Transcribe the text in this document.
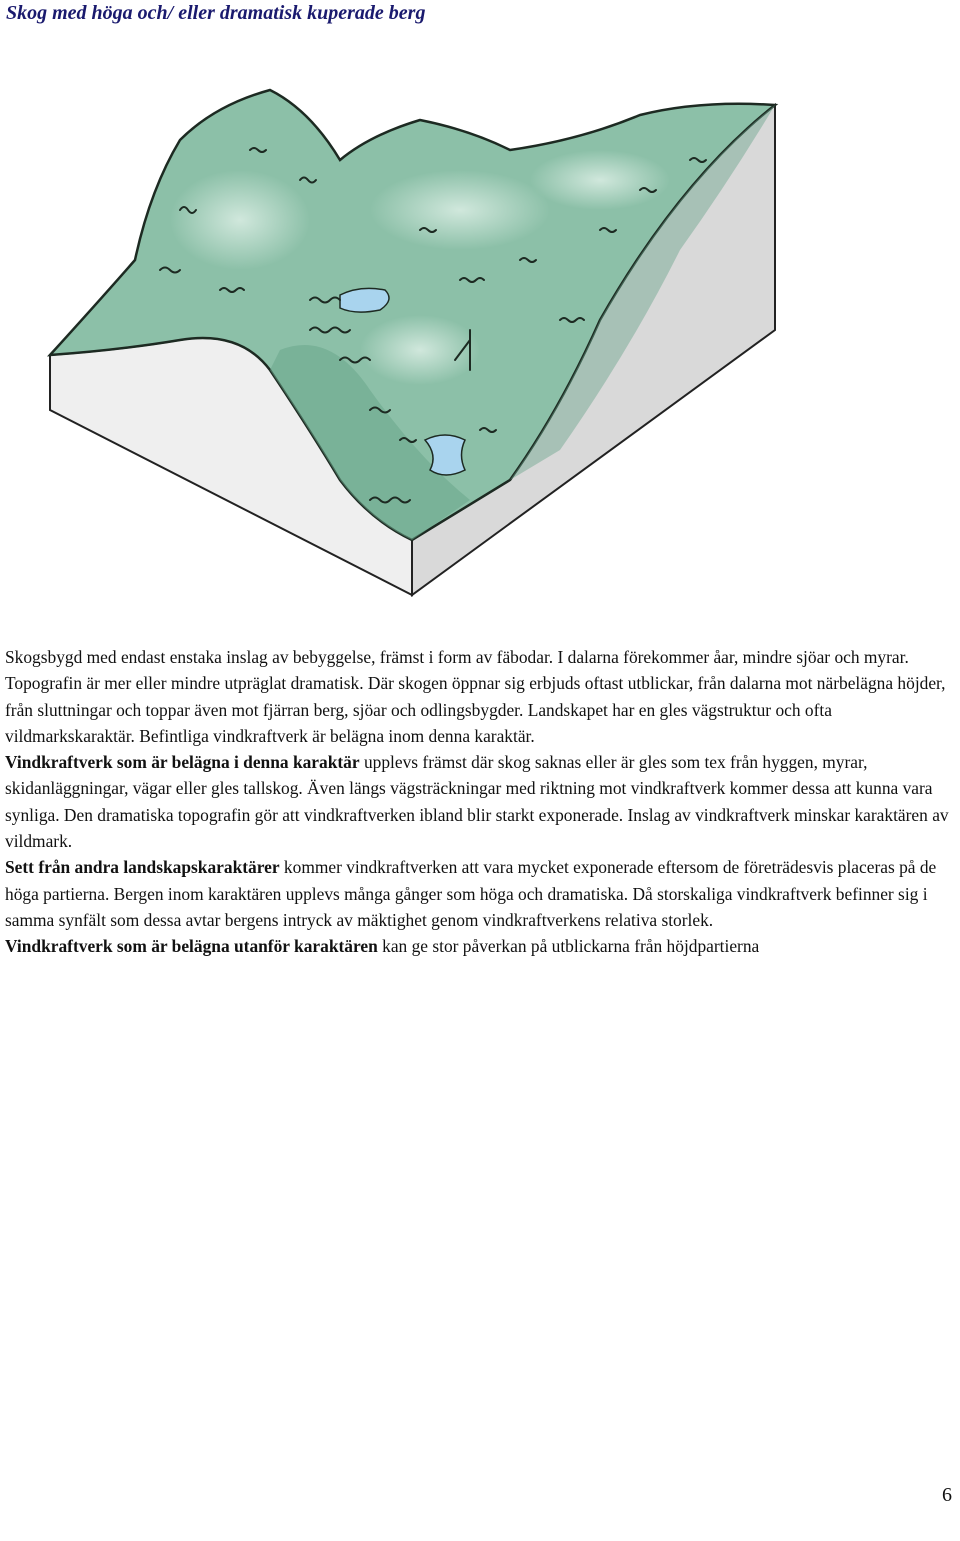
Skog med höga och/ eller dramatisk kuperade berg

Skogsbygd med endast enstaka inslag av bebyggelse, främst i form av fäbodar. I dalarna förekommer åar, mindre sjöar och myrar. Topografin är mer eller mindre utpräglat dramatisk. Där skogen öppnar sig erbjuds oftast utblickar, från dalarna mot närbelägna höjder, från sluttningar och toppar även mot fjärran berg, sjöar och odlingsbygder. Landskapet har en gles vägstruktur och ofta vildmarkskaraktär. Befintliga vindkraftverk är belägna inom denna karaktär.

Vindkraftverk som är belägna i denna karaktär upplevs främst där skog saknas eller är gles som tex från hyggen, myrar, skidanläggningar, vägar eller gles tallskog. Även längs vägsträckningar med riktning mot vindkraftverk kommer dessa att kunna vara synliga. Den dramatiska topografin gör att vindkraftverken ibland blir starkt exponerade. Inslag av vindkraftverk minskar karaktären av vildmark.

Sett från andra landskapskaraktärer kommer vindkraftverken att vara mycket exponerade eftersom de företrädesvis placeras på de höga partierna. Bergen inom karaktären upplevs många gånger som höga och dramatiska. Då storskaliga vindkraftverk befinner sig i samma synfält som dessa avtar bergens intryck av mäktighet genom vindkraftverkens relativa storlek.

Vindkraftverk som är belägna utanför karaktären kan ge stor påverkan på utblickarna från höjdpartierna

6
